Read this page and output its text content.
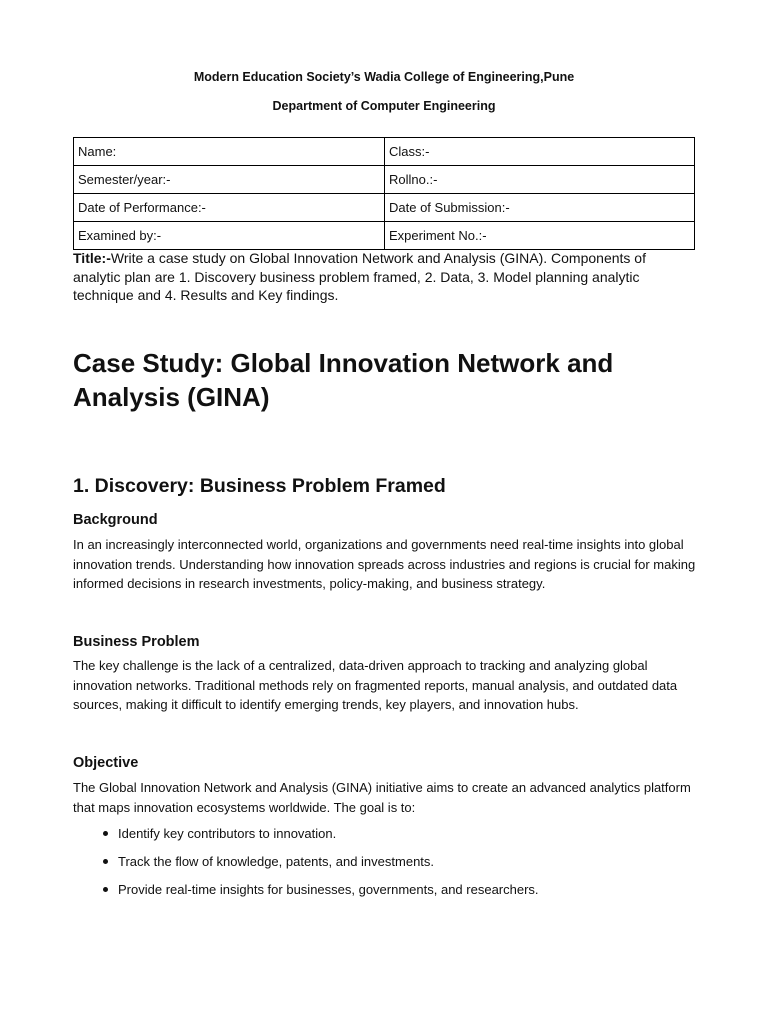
Modern Education Society’s Wadia College of Engineering,Pune
Department of Computer Engineering
Name:	Class:-
Semester/year:-	Rollno.:-
Date of Performance:-	Date of Submission:-
Examined by:-	Experiment No.:-
Title:-Write a case study on Global Innovation Network and Analysis (GINA). Components of analytic plan are 1. Discovery business problem framed, 2. Data, 3. Model planning analytic technique and 4. Results and Key findings.
Case Study: Global Innovation Network and Analysis (GINA)
1. Discovery: Business Problem Framed
Background

In an increasingly interconnected world, organizations and governments need real-time insights into global innovation trends. Understanding how innovation spreads across industries and regions is crucial for making informed decisions in research investments, policy-making, and business strategy.

Business Problem

The key challenge is the lack of a centralized, data-driven approach to tracking and analyzing global innovation networks. Traditional methods rely on fragmented reports, manual analysis, and outdated data sources, making it difficult to identify emerging trends, key players, and innovation hubs.

Objective

The Global Innovation Network and Analysis (GINA) initiative aims to create an advanced analytics platform that maps innovation ecosystems worldwide. The goal is to:

Identify key contributors to innovation.
Track the flow of knowledge, patents, and investments.
Provide real-time insights for businesses, governments, and researchers.
